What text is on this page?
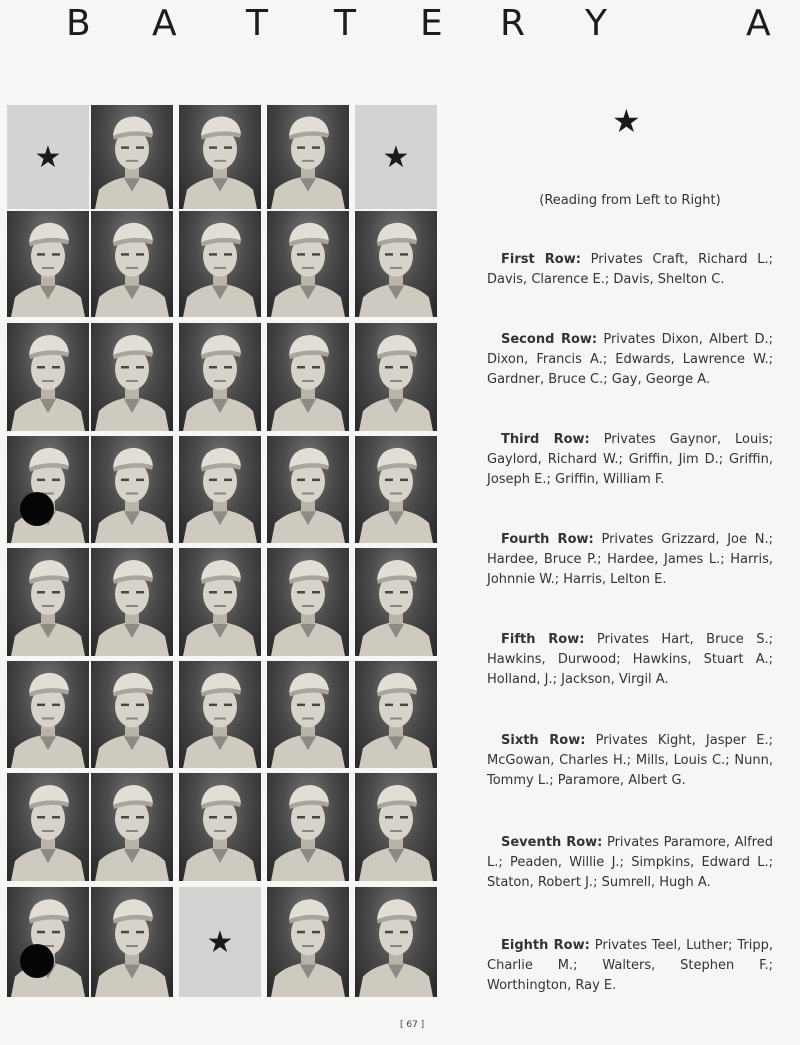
B A T T E R Y	A
★	★
★
★
(Reading from Left to Right)
First Row: Privates Craft, Richard L.; Davis, Clarence E.; Davis, Shelton C.
Second Row: Privates Dixon, Albert D.; Dixon, Francis A.; Edwards, Lawrence W.; Gardner, Bruce C.; Gay, George A.
Third Row: Privates Gaynor, Louis; Gaylord, Richard W.; Griffin, Jim D.; Griffin, Joseph E.; Griffin, William F.
Fourth Row: Privates Grizzard, Joe N.; Hardee, Bruce P.; Hardee, James L.; Harris, Johnnie W.; Harris, Lelton E.
Fifth Row: Privates Hart, Bruce S.; Hawkins, Durwood; Hawkins, Stuart A.; Holland, J.; Jackson, Virgil A.
Sixth Row: Privates Kight, Jasper E.; McGowan, Charles H.; Mills, Louis C.; Nunn, Tommy L.; Paramore, Albert G.
Seventh Row: Privates Paramore, Alfred L.; Peaden, Willie J.; Simpkins, Edward L.; Staton, Robert J.; Sumrell, Hugh A.
Eighth Row: Privates Teel, Luther; Tripp, Charlie M.; Walters, Stephen F.; Worthington, Ray E.
[ 67 ]
